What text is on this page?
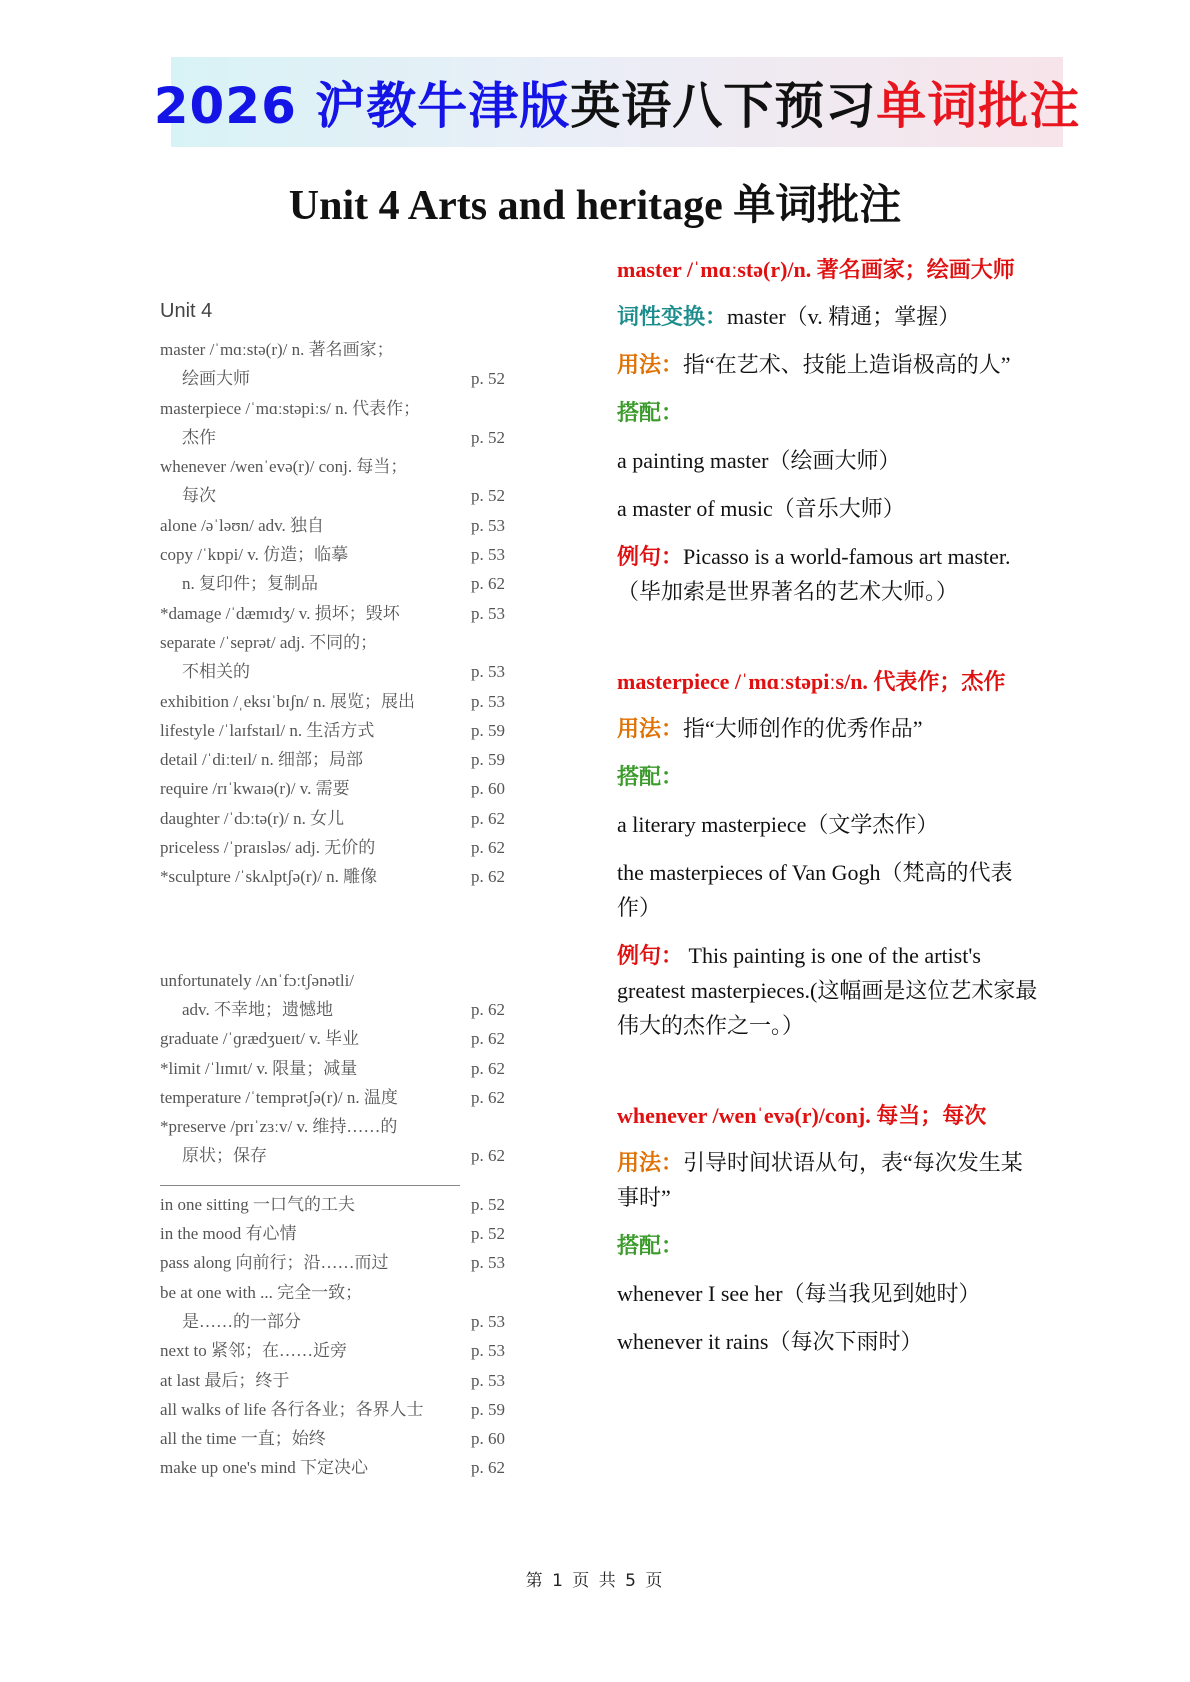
2026 沪教牛津版 英语八下预习 单词批注
Unit 4 Arts and heritage 单词批注
Unit 4
master /ˈmɑːstə(r)/ n. 著名画家；
绘画大师	p. 52
masterpiece /ˈmɑːstəpiːs/ n. 代表作；
杰作	p. 52
whenever /wenˈevə(r)/ conj. 每当；
每次	p. 52
alone /əˈləʊn/ adv. 独自	p. 53
copy /ˈkɒpi/ v. 仿造；临摹	p. 53
n. 复印件；复制品	p. 62
*damage /ˈdæmɪdʒ/ v. 损坏；毁坏	p. 53
separate /ˈseprət/ adj. 不同的；
不相关的	p. 53
exhibition /ˌeksɪˈbɪʃn/ n. 展览；展出	p. 53
lifestyle /ˈlaɪfstaɪl/ n. 生活方式	p. 59
detail /ˈdiːteɪl/ n. 细部；局部	p. 59
require /rɪˈkwaɪə(r)/ v. 需要	p. 60
daughter /ˈdɔːtə(r)/ n. 女儿	p. 62
priceless /ˈpraɪsləs/ adj. 无价的	p. 62
*sculpture /ˈskʌlptʃə(r)/ n. 雕像	p. 62
unfortunately /ʌnˈfɔːtʃənətli/
adv. 不幸地；遗憾地	p. 62
graduate /ˈɡrædʒueɪt/ v. 毕业	p. 62
*limit /ˈlɪmɪt/ v. 限量；减量	p. 62
temperature /ˈtemprətʃə(r)/ n. 温度	p. 62
*preserve /prɪˈzɜːv/ v. 维持……的
原状；保存	p. 62
in one sitting 一口气的工夫	p. 52
in the mood 有心情	p. 52
pass along 向前行；沿……而过	p. 53
be at one with ... 完全一致；
是……的一部分	p. 53
next to 紧邻；在……近旁	p. 53
at last 最后；终于	p. 53
all walks of life 各行各业；各界人士	p. 59
all the time 一直；始终	p. 60
make up one's mind 下定决心	p. 62
master /ˈmɑːstə(r)/n. 著名画家；绘画大师
词性变换：master（v. 精通；掌握）
用法：指“在艺术、技能上造诣极高的人”
搭配：
a painting master（绘画大师）
a master of music（音乐大师）
例句：Picasso is a world-famous art master.（毕加索是世界著名的艺术大师。）
masterpiece /ˈmɑːstəpiːs/n. 代表作；杰作
用法：指“大师创作的优秀作品”
搭配：
a literary masterpiece（文学杰作）
the masterpieces of Van Gogh（梵高的代表作）
例句： This painting is one of the artist's greatest masterpieces.(这幅画是这位艺术家最伟大的杰作之一。）
whenever /wenˈevə(r)/conj. 每当；每次
用法：引导时间状语从句，表“每次发生某事时”
搭配：
whenever I see her（每当我见到她时）
whenever it rains（每次下雨时）
第 1 页 共 5 页
